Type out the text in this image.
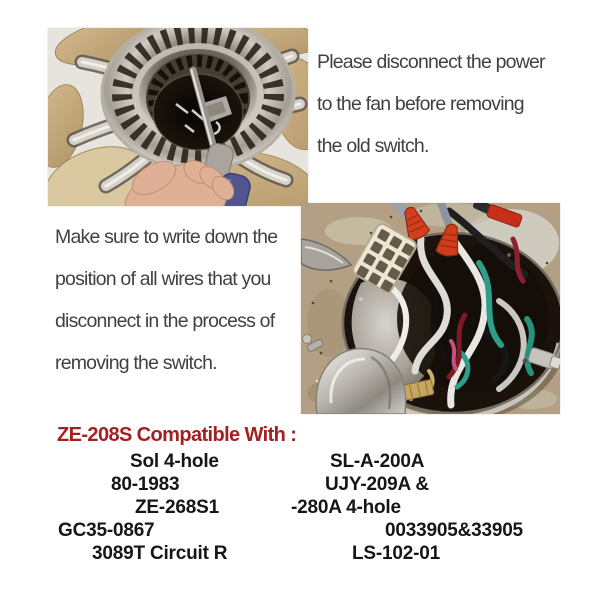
Please disconnect the power
to the fan before removing
the old switch.
Make sure to write down the
position of all wires that you
disconnect in the process of
removing the switch.
ZE-208S Compatible With :
Sol 4-hole
80-1983
ZE-268S1
GC35-0867
3089T Circuit R
SL-A-200A
UJY-209A &
-280A 4-hole
0033905&33905
LS-102-01
